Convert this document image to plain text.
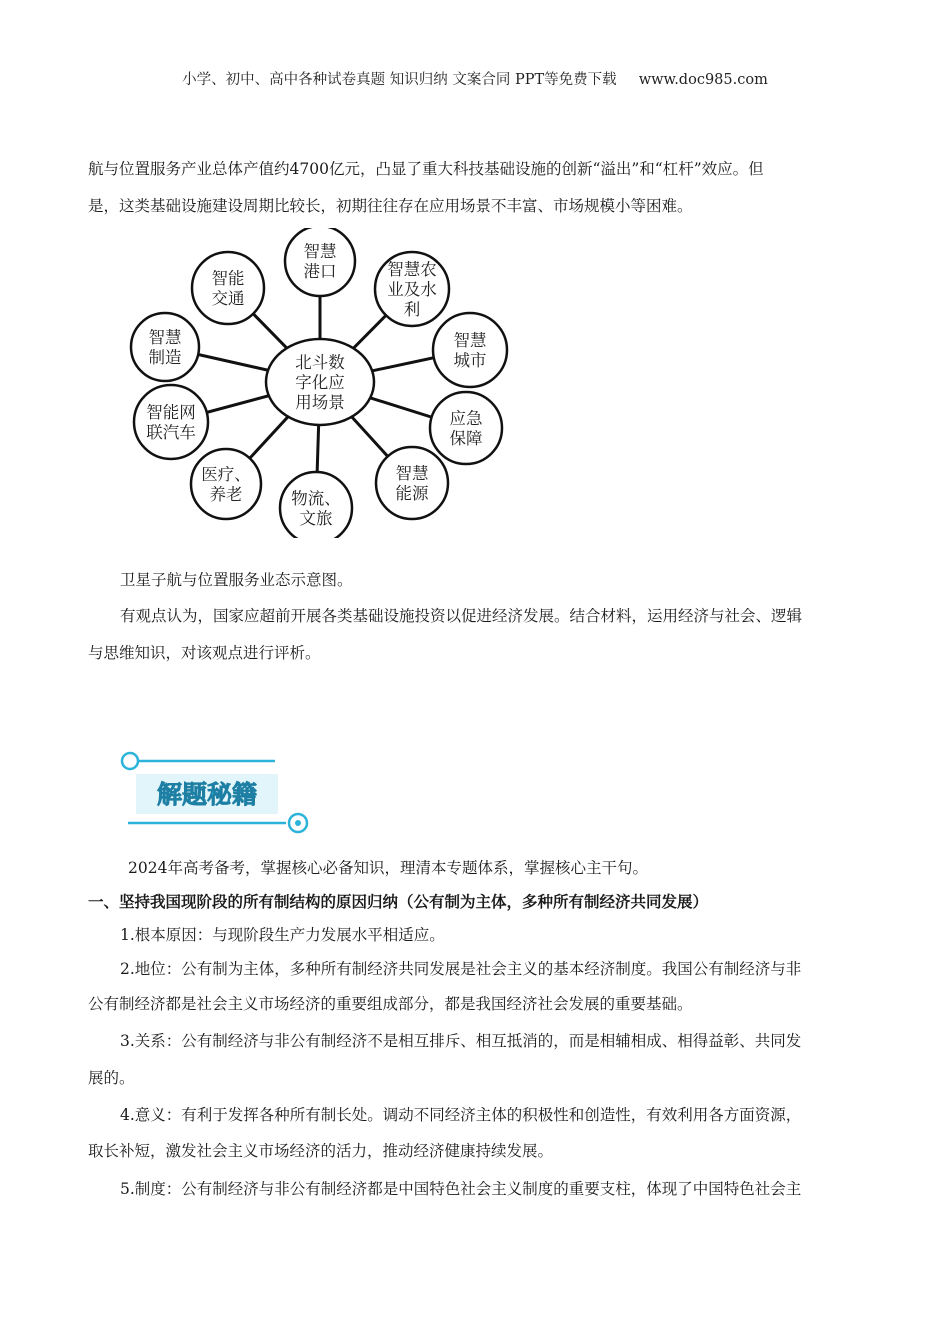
小学、初中、高中各种试卷真题 知识归纳 文案合同 PPT等免费下载 www.doc985.com
航与位置服务产业总体产值约4700亿元，凸显了重大科技基础设施的创新“溢出”和“杠杆”效应。但
是，这类基础设施建设周期比较长，初期往往存在应用场景不丰富、市场规模小等困难。
智慧
港口	智慧农
业及水
利
智慧
城市
应急
保障
智慧
能源
物流、
文旅
医疗、
养老
智能网
联汽车
智慧
制造
智能
交通
北斗数
字化应
用场景
卫星子航与位置服务业态示意图。
有观点认为，国家应超前开展各类基础设施投资以促进经济发展。结合材料，运用经济与社会、逻辑
与思维知识，对该观点进行评析。
解题秘籍
2024年高考备考，掌握核心必备知识，理清本专题体系，掌握核心主干句。
一、坚持我国现阶段的所有制结构的原因归纳（公有制为主体，多种所有制经济共同发展）
1.根本原因：与现阶段生产力发展水平相适应。
2.地位：公有制为主体，多种所有制经济共同发展是社会主义的基本经济制度。我国公有制经济与非
公有制经济都是社会主义市场经济的重要组成部分，都是我国经济社会发展的重要基础。
3.关系：公有制经济与非公有制经济不是相互排斥、相互抵消的，而是相辅相成、相得益彰、共同发
展的。
4.意义：有利于发挥各种所有制长处。调动不同经济主体的积极性和创造性，有效利用各方面资源，
取长补短，激发社会主义市场经济的活力，推动经济健康持续发展。
5.制度：公有制经济与非公有制经济都是中国特色社会主义制度的重要支柱，体现了中国特色社会主
